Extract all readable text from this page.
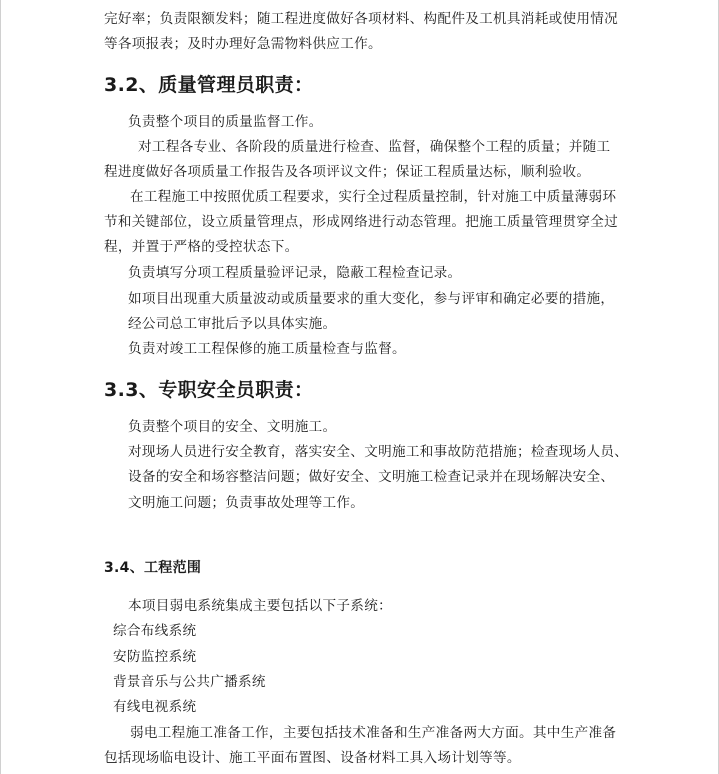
完好率；负责限额发料；随工程进度做好各项材料、构配件及工机具消耗或使用情况
等各项报表；及时办理好急需物料供应工作。
3.2、质量管理员职责：
负责整个项目的质量监督工作。
对工程各专业、各阶段的质量进行检查、监督，确保整个工程的质量；并随工
程进度做好各项质量工作报告及各项评议文件；保证工程质量达标，顺利验收。
在工程施工中按照优质工程要求，实行全过程质量控制，针对施工中质量薄弱环
节和关键部位，设立质量管理点，形成网络进行动态管理。把施工质量管理贯穿全过
程，并置于严格的受控状态下。
负责填写分项工程质量验评记录，隐蔽工程检查记录。
如项目出现重大质量波动或质量要求的重大变化，参与评审和确定必要的措施，
经公司总工审批后予以具体实施。
负责对竣工工程保修的施工质量检查与监督。
3.3、专职安全员职责：
负责整个项目的安全、文明施工。
对现场人员进行安全教育，落实安全、文明施工和事故防范措施；检查现场人员、
设备的安全和场容整洁问题；做好安全、文明施工检查记录并在现场解决安全、
文明施工问题；负责事故处理等工作。
3.4、工程范围
本项目弱电系统集成主要包括以下子系统：
综合布线系统
安防监控系统
背景音乐与公共广播系统
有线电视系统
弱电工程施工准备工作，主要包括技术准备和生产准备两大方面。其中生产准备
包括现场临电设计、施工平面布置图、设备材料工具入场计划等等。
